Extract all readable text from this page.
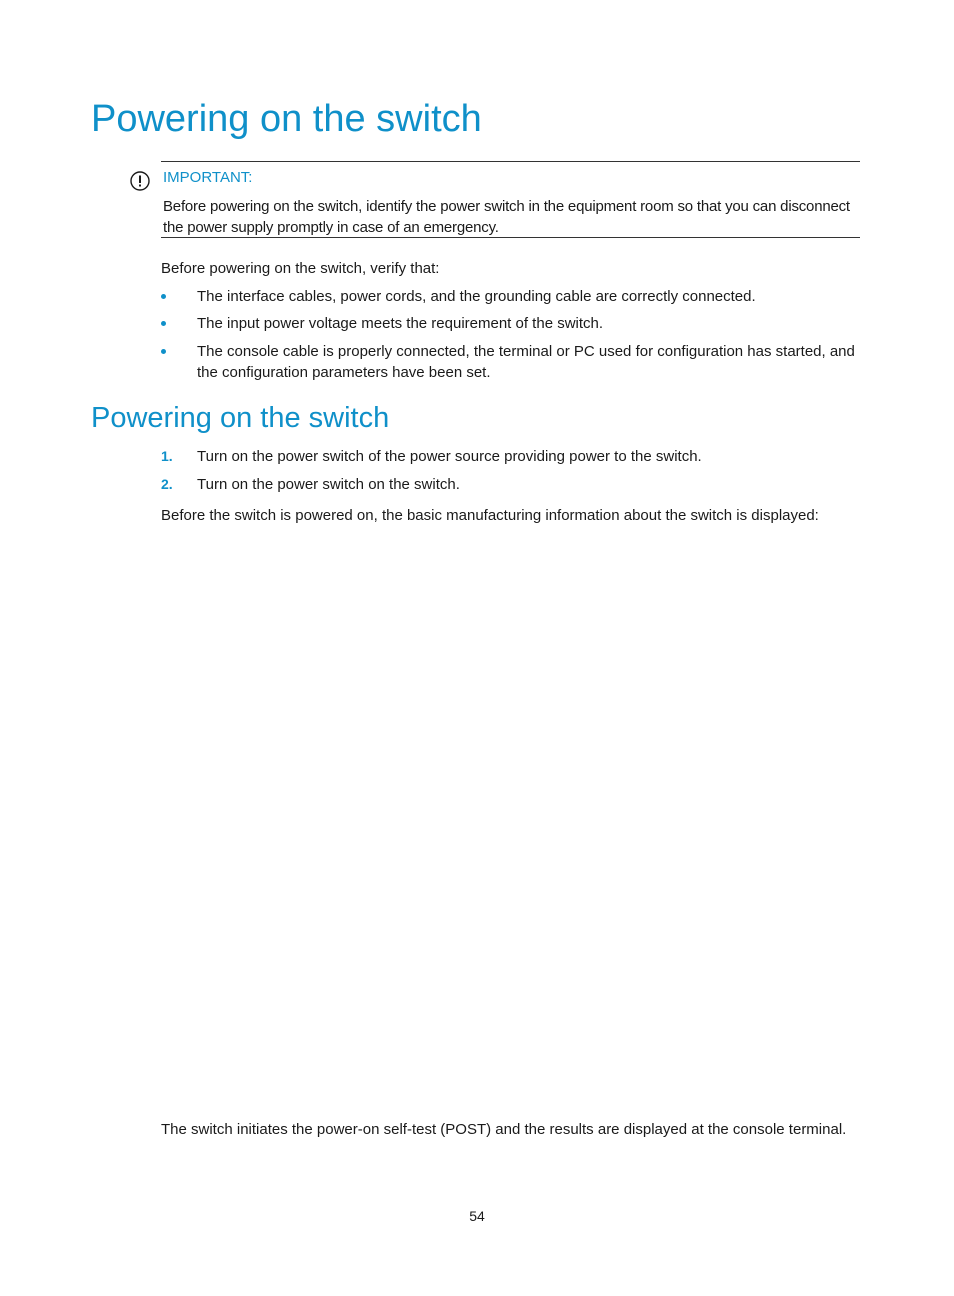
Powering on the switch
IMPORTANT:
Before powering on the switch, identify the power switch in the equipment room so that you can disconnect the power supply promptly in case of an emergency.
Before powering on the switch, verify that:
The interface cables, power cords, and the grounding cable are correctly connected.
The input power voltage meets the requirement of the switch.
The console cable is properly connected, the terminal or PC used for configuration has started, and the configuration parameters have been set.
Powering on the switch
1. Turn on the power switch of the power source providing power to the switch.
2. Turn on the power switch on the switch.
Before the switch is powered on, the basic manufacturing information about the switch is displayed:
The switch initiates the power-on self-test (POST) and the results are displayed at the console terminal.
54
